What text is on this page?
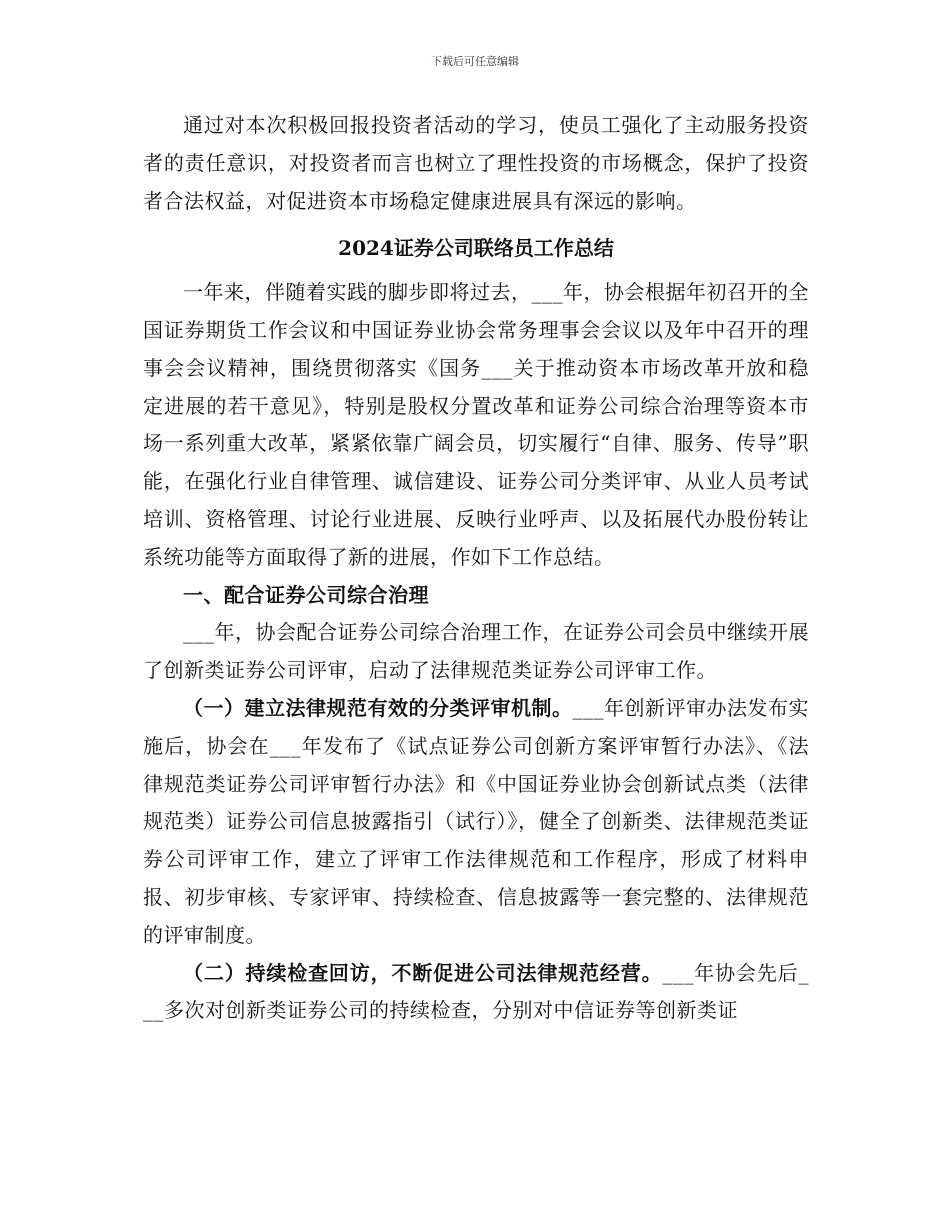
下载后可任意编辑

通过对本次积极回报投资者活动的学习，使员工强化了主动服务投资者的责任意识，对投资者而言也树立了理性投资的市场概念，保护了投资者合法权益，对促进资本市场稳定健康进展具有深远的影响。

2024证券公司联络员工作总结

一年来，伴随着实践的脚步即将过去，___年，协会根据年初召开的全国证券期货工作会议和中国证券业协会常务理事会会议以及年中召开的理事会会议精神，围绕贯彻落实《国务___关于推动资本市场改革开放和稳定进展的若干意见》，特别是股权分置改革和证券公司综合治理等资本市场一系列重大改革，紧紧依靠广阔会员，切实履行“自律、服务、传导”职能，在强化行业自律管理、诚信建设、证券公司分类评审、从业人员考试培训、资格管理、讨论行业进展、反映行业呼声、以及拓展代办股份转让系统功能等方面取得了新的进展，作如下工作总结。

一、配合证券公司综合治理

___年，协会配合证券公司综合治理工作，在证券公司会员中继续开展了创新类证券公司评审，启动了法律规范类证券公司评审工作。

（一）建立法律规范有效的分类评审机制。___年创新评审办法发布实施后，协会在___年发布了《试点证券公司创新方案评审暂行办法》、《法律规范类证券公司评审暂行办法》和《中国证券业协会创新试点类（法律规范类）证券公司信息披露指引（试行）》，健全了创新类、法律规范类证券公司评审工作，建立了评审工作法律规范和工作程序，形成了材料申报、初步审核、专家评审、持续检查、信息披露等一套完整的、法律规范的评审制度。

（二）持续检查回访，不断促进公司法律规范经营。___年协会先后___多次对创新类证券公司的持续检查，分别对中信证券等创新类证
